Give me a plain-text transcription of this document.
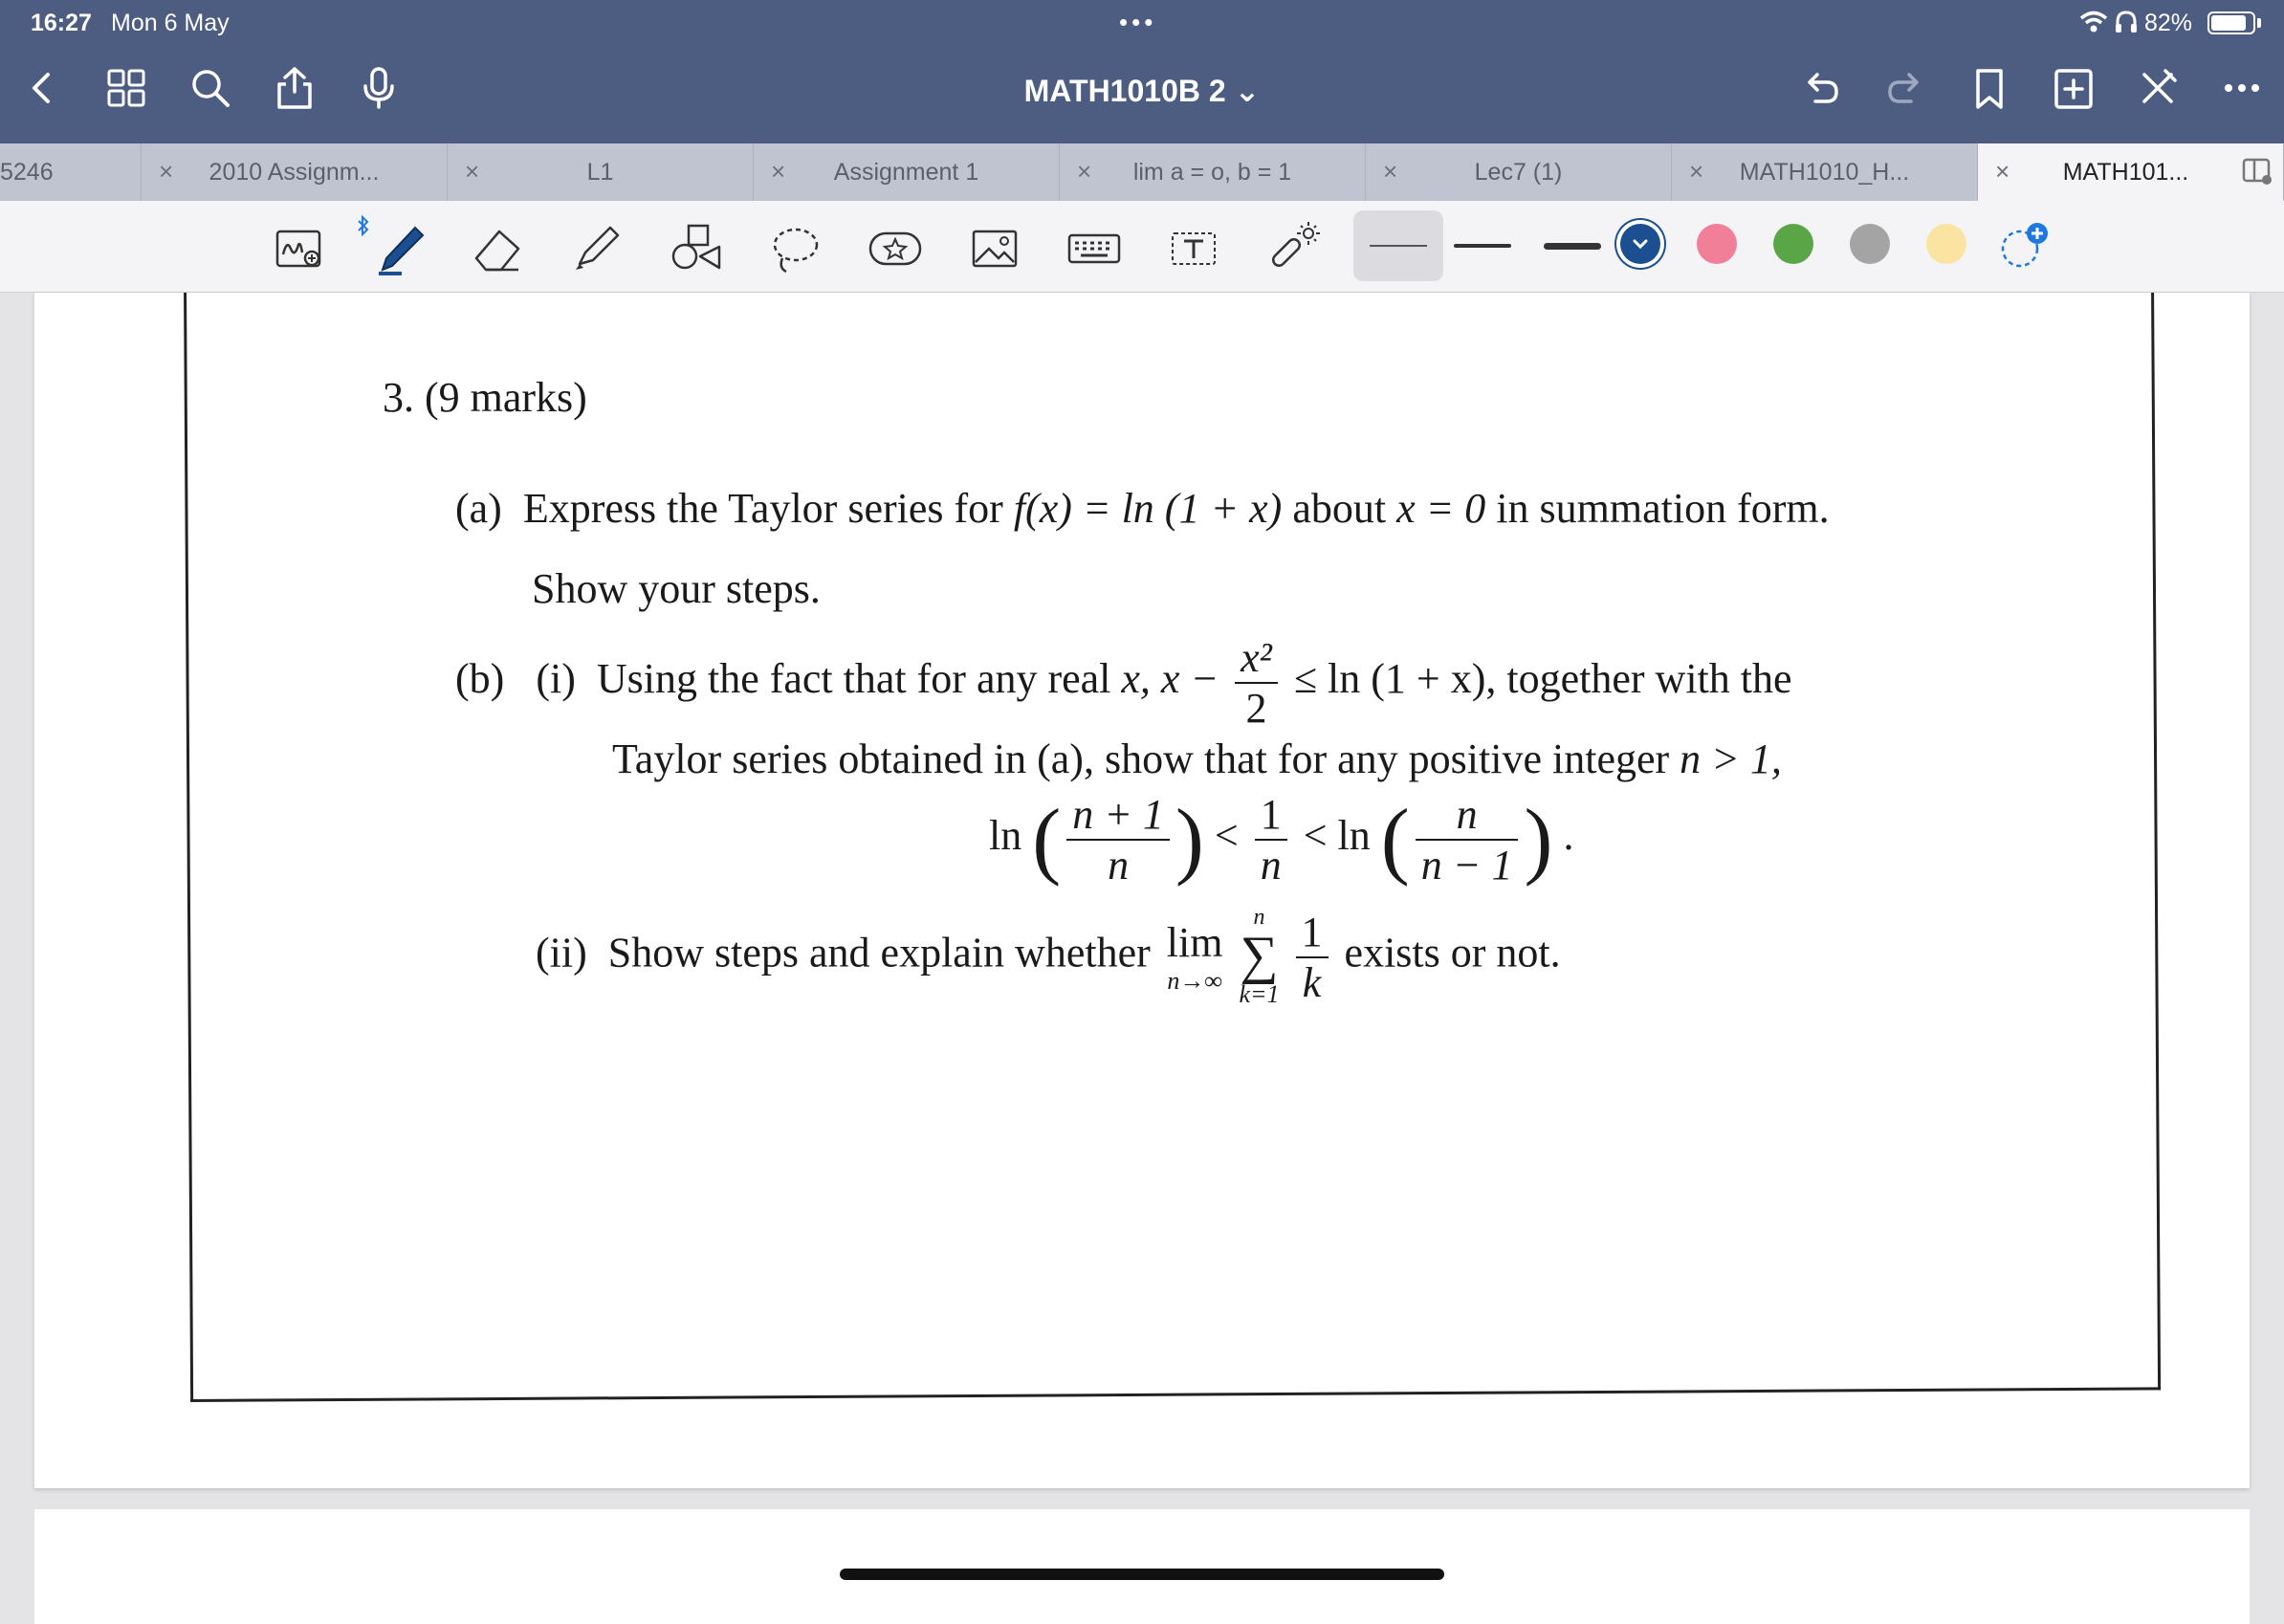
16:27 Mon 6 May	•••	82%
MATH1010B 2 ⌄
5246	×	2010 Assignm...	×	L1	×	Assignment 1	×	lim a = o, b = 1	×	Lec7 (1)	×	MATH1010_H...	×	MATH101...
3. (9 marks)
(a) Express the Taylor series for f(x) = ln (1 + x) about x = 0 in summation form.
Show your steps.
(b) (i) Using the fact that for any real x, $x - \frac{\text{x²}}{2} \le \ln (1 + x)$, together with the
Taylor series obtained in (a), show that for any positive integer n > 1,
ln ( $\frac{n + 1}{n}$ ) < $\frac{1}{n} < \ln$ ( $\frac{n}{n - 1}$ ) .
(ii) Show steps and explain whether lim
n→∞

n
∑
k=1
$\frac{1}{k}$ exists or not.
